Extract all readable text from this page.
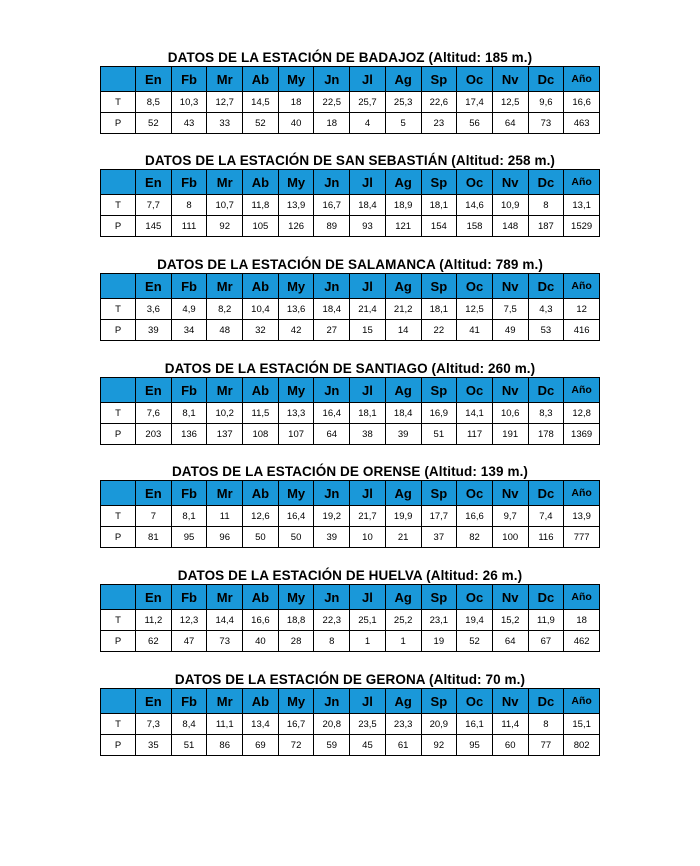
DATOS DE LA ESTACIÓN DE BADAJOZ (Altitud: 185 m.)
	En	Fb	Mr	Ab	My	Jn	Jl	Ag	Sp	Oc	Nv	Dc	Año
T	8,5	10,3	12,7	14,5	18	22,5	25,7	25,3	22,6	17,4	12,5	9,6	16,6
P	52	43	33	52	40	18	4	5	23	56	64	73	463
DATOS DE LA ESTACIÓN DE SAN SEBASTIÁN (Altitud: 258 m.)
	En	Fb	Mr	Ab	My	Jn	Jl	Ag	Sp	Oc	Nv	Dc	Año
T	7,7	8	10,7	11,8	13,9	16,7	18,4	18,9	18,1	14,6	10,9	8	13,1
P	145	111	92	105	126	89	93	121	154	158	148	187	1529
DATOS DE LA ESTACIÓN DE SALAMANCA (Altitud: 789 m.)
	En	Fb	Mr	Ab	My	Jn	Jl	Ag	Sp	Oc	Nv	Dc	Año
T	3,6	4,9	8,2	10,4	13,6	18,4	21,4	21,2	18,1	12,5	7,5	4,3	12
P	39	34	48	32	42	27	15	14	22	41	49	53	416
DATOS DE LA ESTACIÓN DE SANTIAGO (Altitud: 260 m.)
	En	Fb	Mr	Ab	My	Jn	Jl	Ag	Sp	Oc	Nv	Dc	Año
T	7,6	8,1	10,2	11,5	13,3	16,4	18,1	18,4	16,9	14,1	10,6	8,3	12,8
P	203	136	137	108	107	64	38	39	51	117	191	178	1369
DATOS DE LA ESTACIÓN DE ORENSE (Altitud: 139 m.)
	En	Fb	Mr	Ab	My	Jn	Jl	Ag	Sp	Oc	Nv	Dc	Año
T	7	8,1	11	12,6	16,4	19,2	21,7	19,9	17,7	16,6	9,7	7,4	13,9
P	81	95	96	50	50	39	10	21	37	82	100	116	777
DATOS DE LA ESTACIÓN DE HUELVA (Altitud: 26 m.)
	En	Fb	Mr	Ab	My	Jn	Jl	Ag	Sp	Oc	Nv	Dc	Año
T	11,2	12,3	14,4	16,6	18,8	22,3	25,1	25,2	23,1	19,4	15,2	11,9	18
P	62	47	73	40	28	8	1	1	19	52	64	67	462
DATOS DE LA ESTACIÓN DE GERONA (Altitud: 70 m.)
	En	Fb	Mr	Ab	My	Jn	Jl	Ag	Sp	Oc	Nv	Dc	Año
T	7,3	8,4	11,1	13,4	16,7	20,8	23,5	23,3	20,9	16,1	11,4	8	15,1
P	35	51	86	69	72	59	45	61	92	95	60	77	802
